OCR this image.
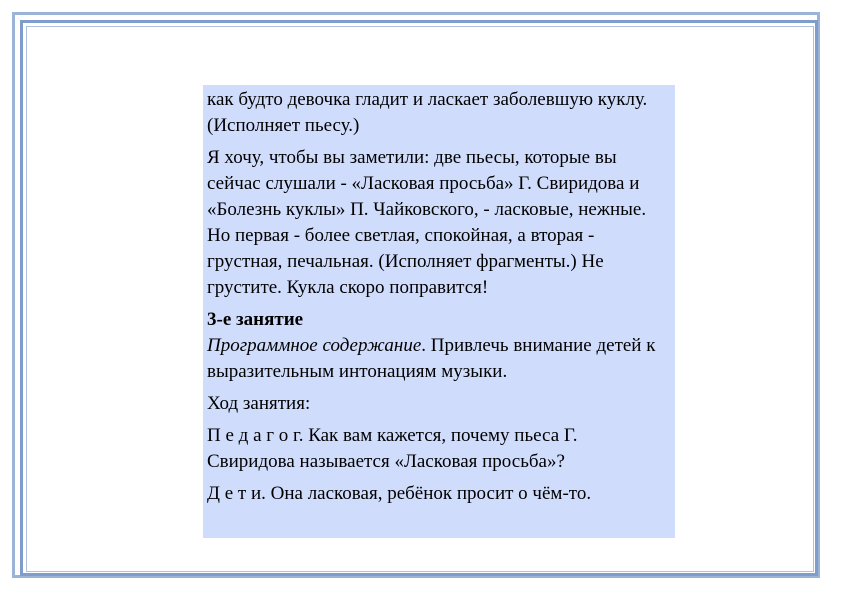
как будто девочка гладит и ласкает заболевшую куклу. (Исполняет пьесу.)

Я хочу, чтобы вы заметили: две пьесы, которые вы сейчас слушали - «Ласковая просьба» Г. Свиридова и «Болезнь куклы» П. Чайковского, - ласковые, нежные. Но первая - более светлая, спокойная, а вторая - грустная, печальная. (Исполняет фрагменты.) Не грустите. Кукла скоро поправится!

3-е занятие

Программное содержание. Привлечь внимание детей к выразительным интонациям музыки.

Ход занятия:

П е д а г о г. Как вам кажется, почему пьеса Г. Свиридова называется «Ласковая просьба»?

Д е т и. Она ласковая, ребёнок просит о чём-то.
